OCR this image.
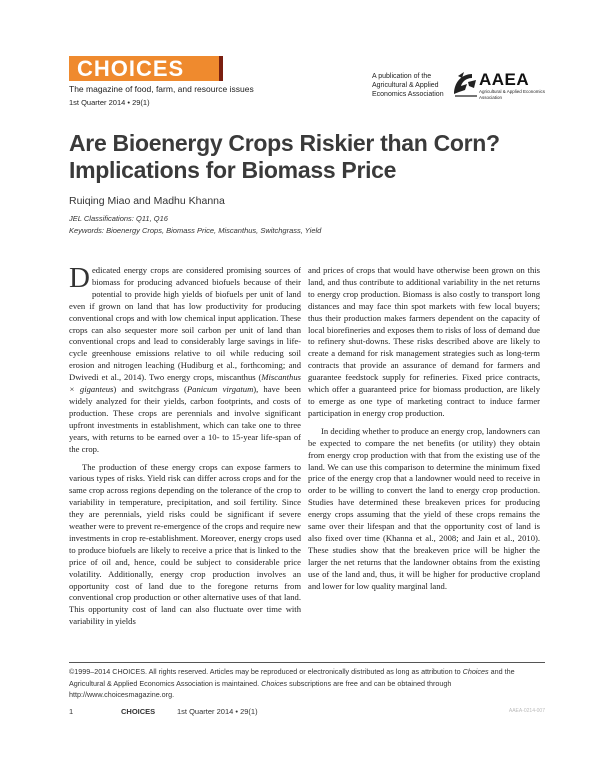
CHOICES
The magazine of food, farm, and resource issues
1st Quarter 2014 • 29(1)
A publication of the
Agricultural & Applied
Economics Association
AAEA
Agricultural & Applied Economics Association
Are Bioenergy Crops Riskier than Corn?
Implications for Biomass Price
Ruiqing Miao and Madhu Khanna
JEL Classifications: Q11, Q16
Keywords: Bioenergy Crops, Biomass Price, Miscanthus, Switchgrass, Yield

Dedicated energy crops are considered promising sources of biomass for producing advanced biofuels because of their potential to provide high yields of biofuels per unit of land even if grown on land that has low productivity for producing conventional crops and with low chemical input application. These crops can also sequester more soil carbon per unit of land than conventional crops and lead to considerably large savings in life-cycle greenhouse emissions relative to oil while reducing soil erosion and nitrogen leaching (Hudiburg et al., forthcoming; and Dwivedi et al., 2014). Two energy crops, miscanthus (Miscanthus × giganteus) and switchgrass (Panicum virgatum), have been widely analyzed for their yields, carbon footprints, and costs of production. These crops are perennials and involve significant upfront investments in establishment, which can take one to three years, with returns to be earned over a 10- to 15-year life-span of the crop.

The production of these energy crops can expose farmers to various types of risks. Yield risk can differ across crops and for the same crop across regions depending on the tolerance of the crop to variability in temperature, precipitation, and soil fertility. Since they are perennials, yield risks could be significant if severe weather were to prevent re-emergence of the crops and require new investments in crop re-establishment. Moreover, energy crops used to produce biofuels are likely to receive a price that is linked to the price of oil and, hence, could be subject to considerable price volatility. Additionally, energy crop production involves an opportunity cost of land due to the foregone returns from conventional crop production or other alternative uses of that land. This opportunity cost of land can also fluctuate over time with variability in yields

and prices of crops that would have otherwise been grown on this land, and thus contribute to additional variability in the net returns to energy crop production. Biomass is also costly to transport long distances and may face thin spot markets with few local buyers; thus their production makes farmers dependent on the capacity of local biorefineries and exposes them to risks of loss of demand due to refinery shut-downs. These risks described above are likely to create a demand for risk management strategies such as long-term contracts that provide an assurance of demand for farmers and guarantee feedstock supply for refineries. Fixed price contracts, which offer a guaranteed price for biomass production, are likely to emerge as one type of marketing contract to induce farmer participation in energy crop production.

In deciding whether to produce an energy crop, landowners can be expected to compare the net benefits (or utility) they obtain from energy crop production with that from the existing use of the land. We can use this comparison to determine the minimum fixed price of the energy crop that a landowner would need to receive in order to be willing to convert the land to energy crop production. Studies have determined these breakeven prices for producing energy crops assuming that the yield of these crops remains the same over their lifespan and that the opportunity cost of land is also fixed over time (Khanna et al., 2008; and Jain et al., 2010). These studies show that the breakeven price will be higher the larger the net returns that the landowner obtains from the existing use of the land and, thus, it will be higher for productive cropland and lower for low quality marginal land.

©1999–2014 CHOICES. All rights reserved. Articles may be reproduced or electronically distributed as long as attribution to Choices and the Agricultural & Applied Economics Association is maintained. Choices subscriptions are free and can be obtained through http://www.choicesmagazine.org.
1	CHOICES	1st Quarter 2014 • 29(1)	AAEA-0214-007
